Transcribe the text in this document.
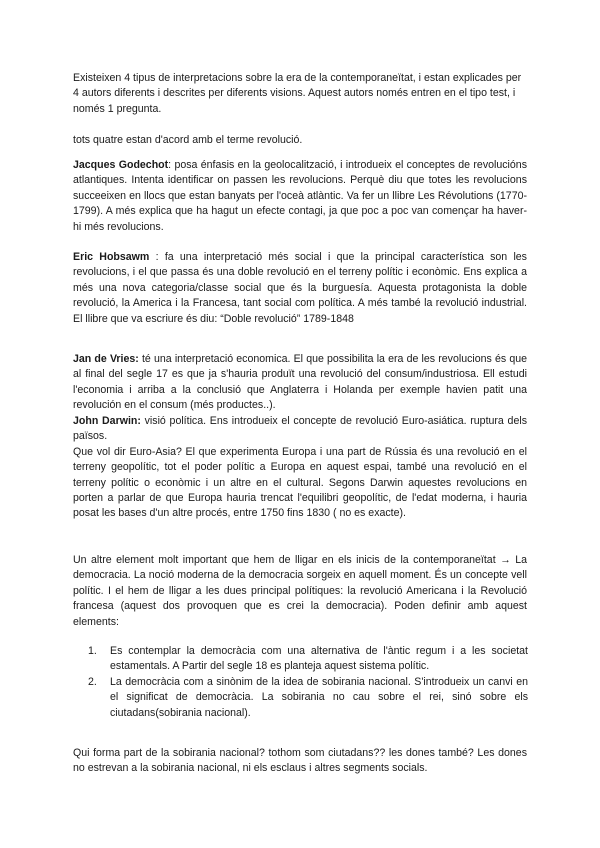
Existeixen 4 tipus de interpretacions sobre la era de la contemporaneïtat, i estan explicades per 4 autors diferents i descrites per diferents visions. Aquest autors només entren en el tipo test, i només 1 pregunta.

tots quatre estan d'acord amb el terme revolució.

Jacques Godechot: posa énfasis en la geolocalització, i introdueix el conceptes de revolucións atlantiques. Intenta identificar on passen les revolucions. Perquè diu que totes les revolucions succeeixen en llocs que estan banyats per l'oceà atlàntic. Va fer un llibre Les Révolutions (1770-1799). A més explica que ha hagut un efecte contagi, ja que poc a poc van començar ha haver-hi més revolucions.

Eric Hobsawm : fa una interpretació més social i que la principal característica son les revolucions, i el que passa és una doble revolució en el terreny polític i econòmic. Ens explica a més una nova categoria/classe social que és la burguesía. Aquesta protagonista la doble revolució, la America i la Francesa, tant social com política. A més també la revolució industrial. El llibre que va escriure és diu: “Doble revolució” 1789-1848

Jan de Vries: té una interpretació economica. El que possibilita la era de les revolucions és que al final del segle 17 es que ja s'hauria produït una revolució del consum/industriosa. Ell estudi l'economia i arriba a la conclusió que Anglaterra i Holanda per exemple havien patit una revolución en el consum (més productes..).

John Darwin: visió política. Ens introdueix el concepte de revolució Euro-asiática. ruptura dels països.
Que vol dir Euro-Asia? El que experimenta Europa i una part de Rússia és una revolució en el terreny geopolític, tot el poder polític a Europa en aquest espai, també una revolució en el terreny polític o econòmic i un altre en el cultural. Segons Darwin aquestes revolucions en porten a parlar de que Europa hauria trencat l'equilibri geopolític, de l'edat moderna, i hauria posat les bases d'un altre procés, entre 1750 fins 1830 ( no es exacte).

Un altre element molt important que hem de lligar en els inicis de la contemporaneïtat → La democracia. La noció moderna de la democracia sorgeix en aquell moment. És un concepte vell polític. I el hem de lligar a les dues principal polítiques: la revolució Americana i la Revolució francesa (aquest dos provoquen que es crei la democracia). Poden definir amb aquest elements:

1. Es contemplar la democràcia com una alternativa de l'àntic regum i a les societat estamentals. A Partir del segle 18 es planteja aquest sistema polític.
2. La democràcia com a sinònim de la idea de sobirania nacional. S'introdueix un canvi en el significat de democràcia. La sobirania no cau sobre el rei, sinó sobre els ciutadans(sobirania nacional).

Qui forma part de la sobirania nacional? tothom som ciutadans?? les dones també? Les dones no estrevan a la sobirania nacional, ni els esclaus i altres segments socials.
